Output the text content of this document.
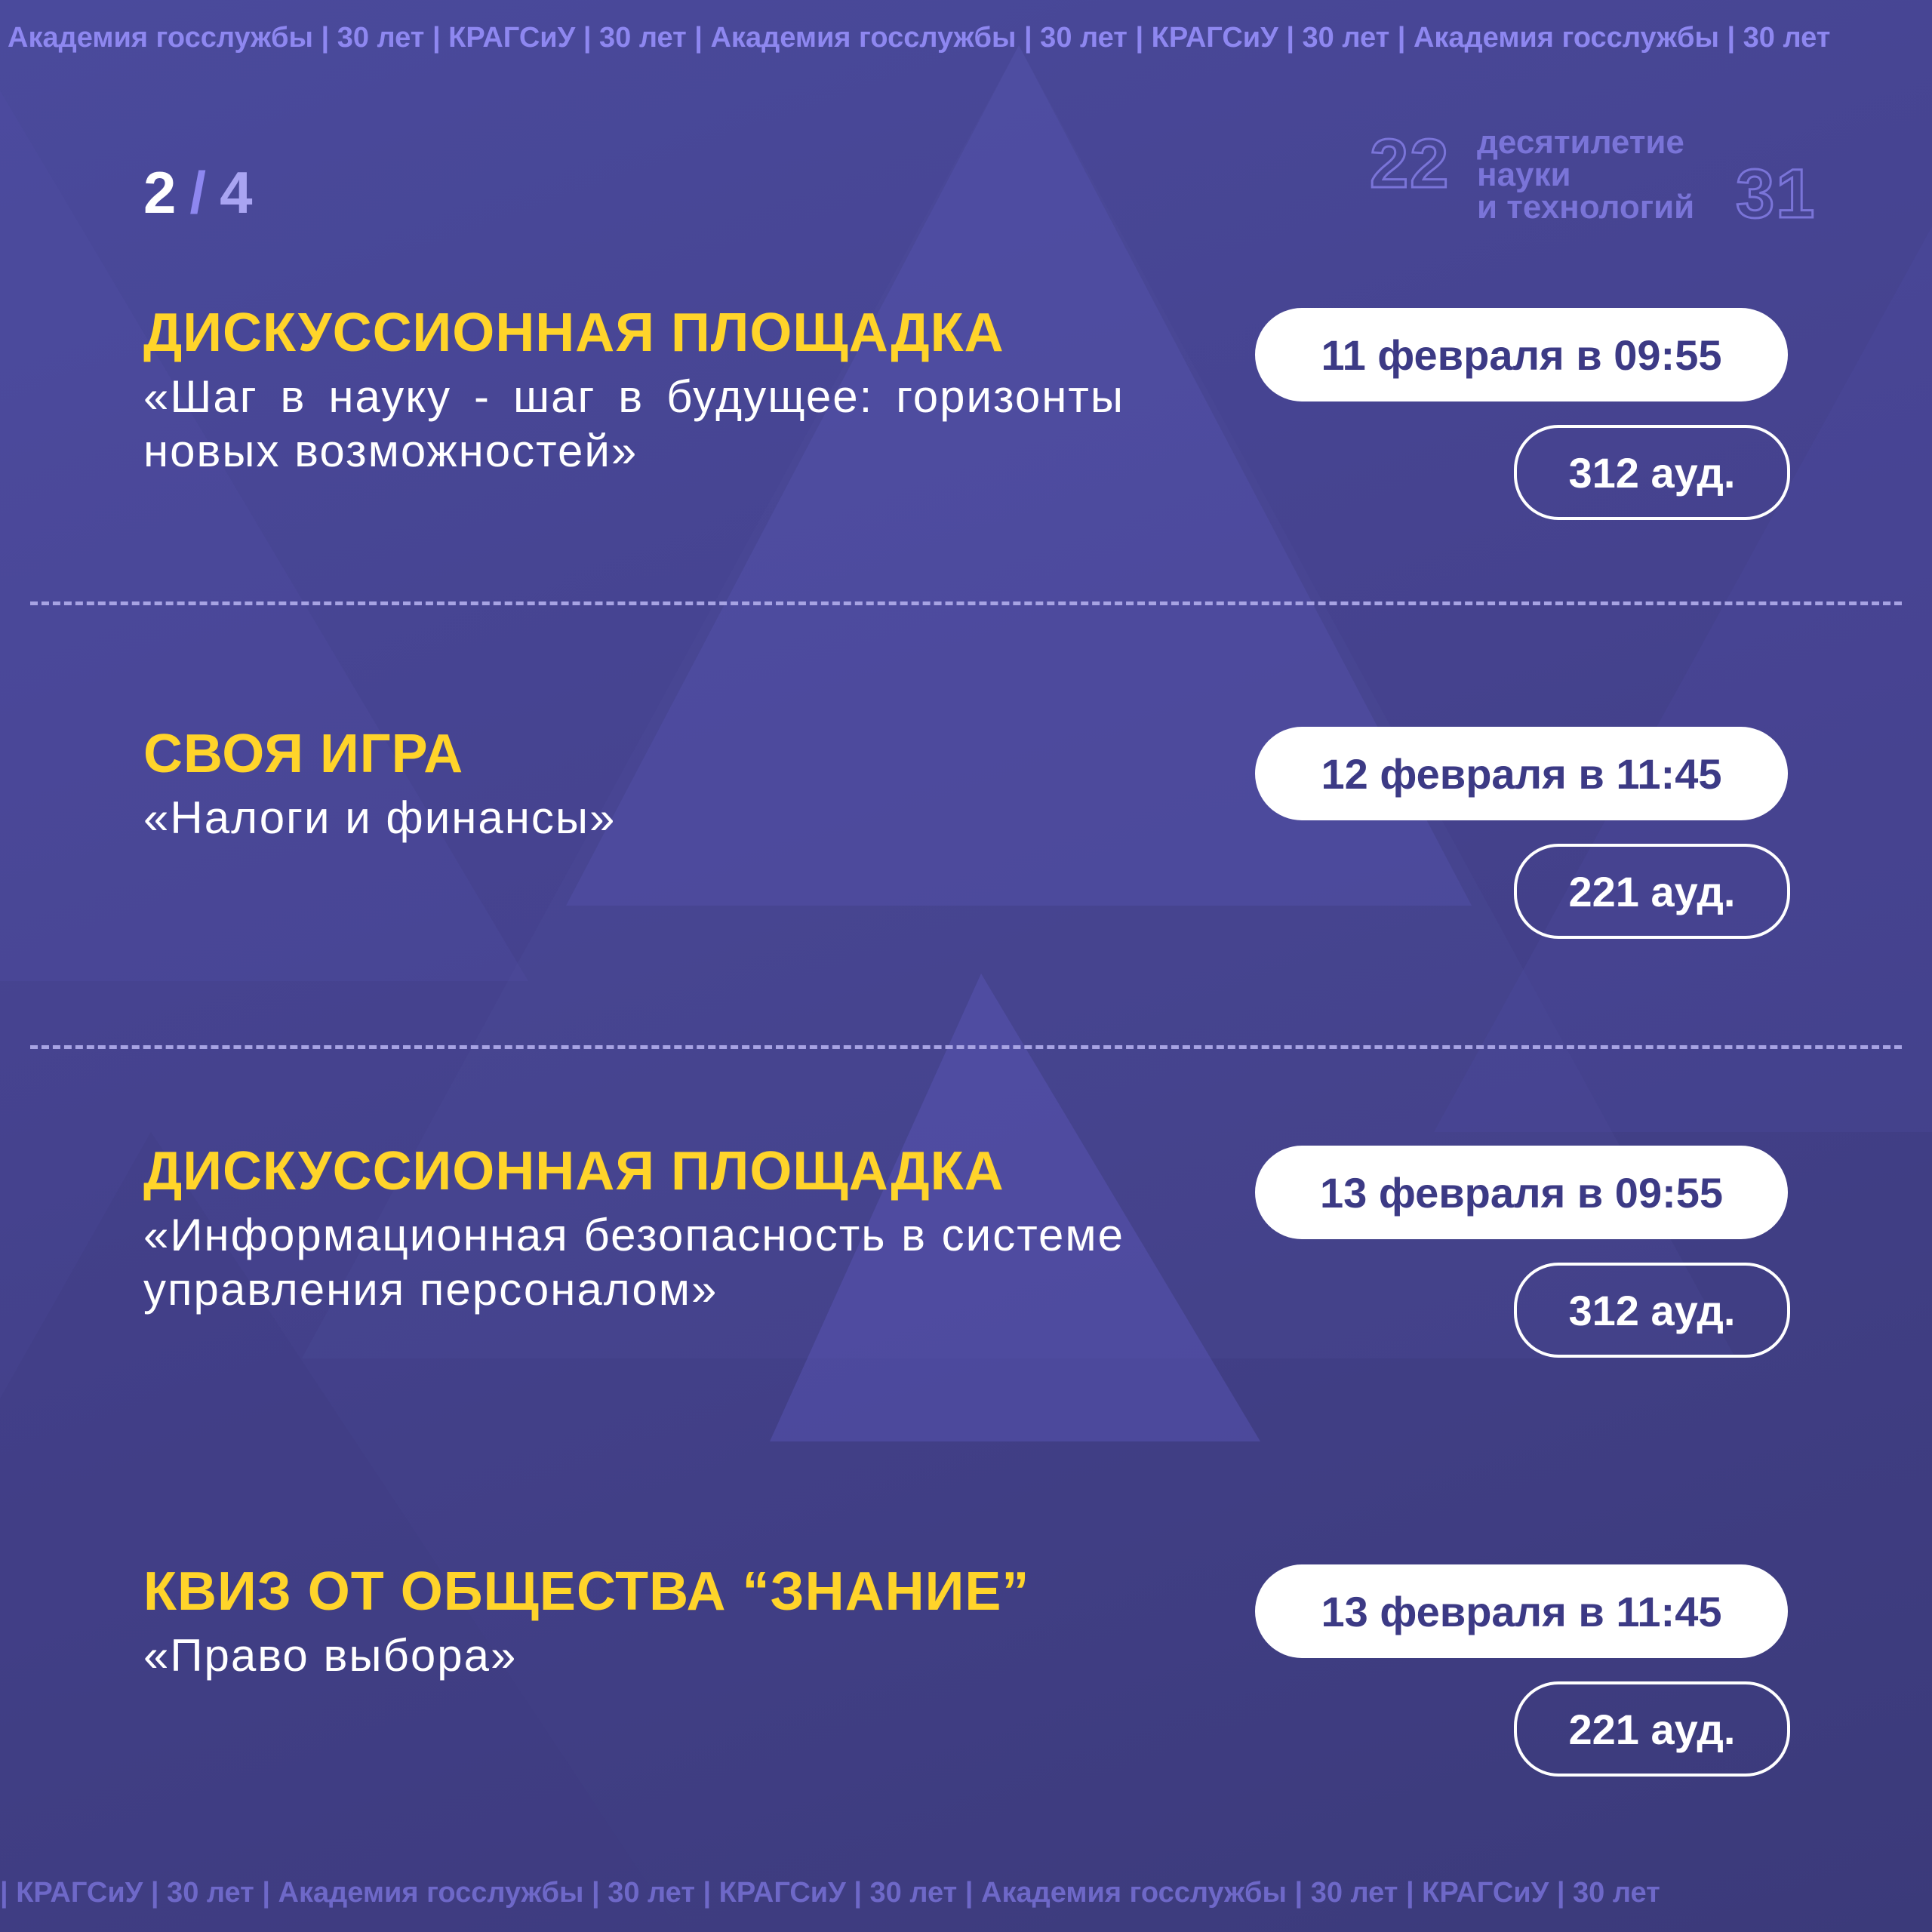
Академия госслужбы | 30 лет | КРАГСиУ | 30 лет | Академия госслужбы | 30 лет | КРАГСиУ | 30 лет | Академия госслужбы | 30 лет
2 / 4	22 десятилетие
науки
и технологий 31
ДИСКУССИОННАЯ ПЛОЩАДКА
«Шаг в науку - шаг в будущее: горизонты новых возможностей»
11 февраля в 09:55
312 ауд.
СВОЯ ИГРА
«Налоги и финансы»
12 февраля в 11:45
221 ауд.
ДИСКУССИОННАЯ ПЛОЩАДКА
«Информационная безопасность в системе управления персоналом»
13 февраля в 09:55
312 ауд.
КВИЗ ОТ ОБЩЕСТВА “ЗНАНИЕ”
«Право выбора»
13 февраля в 11:45
221 ауд.
| КРАГСиУ | 30 лет | Академия госслужбы | 30 лет | КРАГСиУ | 30 лет | Академия госслужбы | 30 лет | КРАГСиУ | 30 лет
